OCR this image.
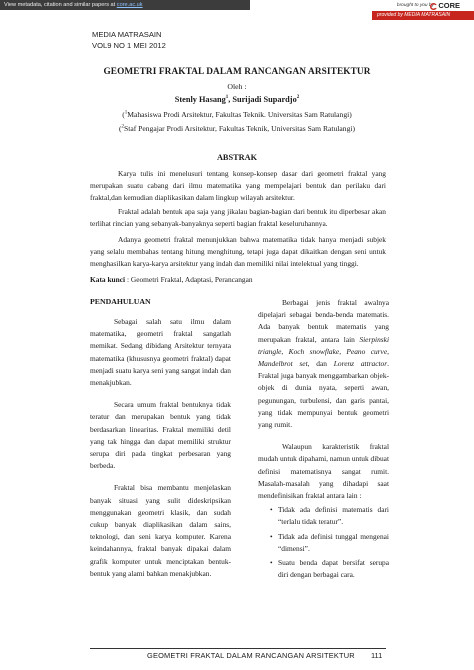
View metadata, citation and similar papers at core.ac.uk	brought to you by CORE
provided by MEDIA MATRASAIN
MEDIA MATRASAIN
VOL9 NO 1 MEI 2012
GEOMETRI FRAKTAL DALAM RANCANGAN ARSITEKTUR
Oleh :
Stenly Hasang$^1$, Surijadi Supardjo$^2$
($^1$Mahasiswa Prodi Arsitektur, Fakultas Teknik. Universitas Sam Ratulangi)
($^2$Staf Pengajar Prodi Arsitektur, Fakultas Teknik, Universitas Sam Ratulangi)
ABSTRAK

Karya tulis ini menelusuri tentang konsep-konsep dasar dari geometri fraktal yang merupakan suatu cabang dari ilmu matematika yang mempelajari bentuk dan perilaku dari fraktal,dan kemudian diaplikasikan dalam lingkup wilayah arsitektur.

Fraktal adalah bentuk apa saja yang jikalau bagian-bagian dari bentuk itu diperbesar akan terlihat rincian yang sebanyak-banyaknya seperti bagian fraktal keseluruhannya.

Adanya geometri fraktal menunjukkan bahwa matematika tidak hanya menjadi subjek yang selalu membahas tentang hitung menghitung, tetapi juga dapat dikaitkan dengan seni untuk menghasilkan karya-karya arsitektur yang indah dan memiliki nilai intelektual yang tinggi.

Kata kunci : Geometri Fraktal, Adaptasi, Perancangan

PENDAHULUAN

Sebagai salah satu ilmu dalam matematika, geometri fraktal sangatlah memikat. Sedang dibidang Arsitektur ternyata matematika (khususnya geometri fraktal) dapat menjadi suatu karya seni yang sangat indah dan menakjubkan.

Secara umum fraktal bentuknya tidak teratur dan merupakan bentuk yang tidak berdasarkan linearitas. Fraktal memiliki detil yang tak hingga dan dapat memiliki struktur serupa diri pada tingkat perbesaran yang berbeda.

Fraktal bisa membantu menjelaskan banyak situasi yang sulit dideskripsikan menggunakan geometri klasik, dan sudah cukup banyak diaplikasikan dalam sains, teknologi, dan seni karya komputer. Karena keindahannya, fraktal banyak dipakai dalam grafik komputer untuk menciptakan bentuk-bentuk yang alami bahkan menakjubkan.

Berbagai jenis fraktal awalnya dipelajari sebagai benda-benda matematis. Ada banyak bentuk matematis yang merupakan fraktal, antara lain Sierpinski triangle, Koch snowflake, Peano curve, Mandelbrot set, dan Lorenz attractor. Fraktal juga banyak menggambarkan objek-objek di dunia nyata, seperti awan, pegunungan, turbulensi, dan garis pantai, yang tidak mempunyai bentuk geometri yang rumit.

Walaupun karakteristik fraktal mudah untuk dipahami, namun untuk dibuat definisi matematisnya sangat rumit. Masalah-masalah yang dihadapi saat mendefinisikan fraktal antara lain :

• Tidak ada definisi matematis dari “terlalu tidak teratur”.
• Tidak ada definisi tunggal mengenai “dimensi”.
• Suatu benda dapat bersifat serupa diri dengan berbagai cara.
GEOMETRI FRAKTAL DALAM RANCANGAN ARSITEKTUR 111
